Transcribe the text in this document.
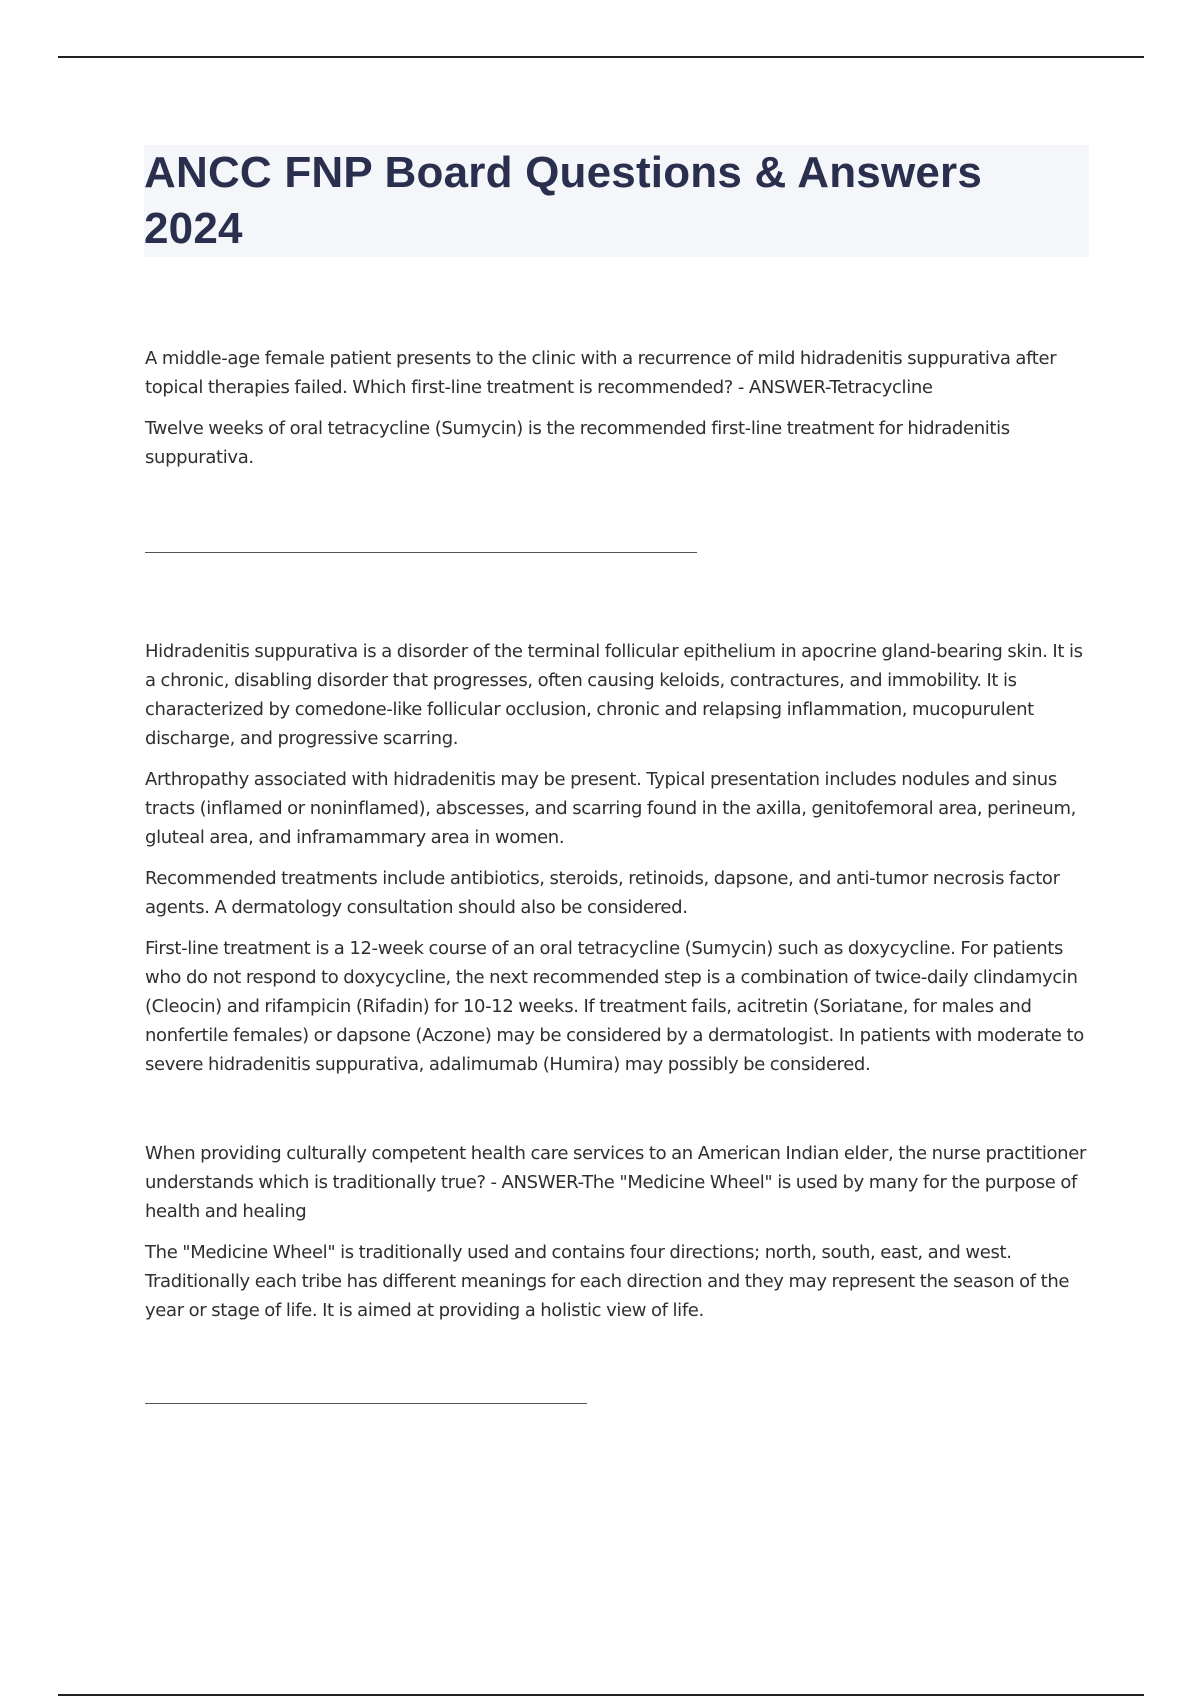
ANCC FNP Board Questions & Answers 2024

A middle-age female patient presents to the clinic with a recurrence of mild hidradenitis suppurativa after topical therapies failed. Which first-line treatment is recommended? - ANSWER-Tetracycline

Twelve weeks of oral tetracycline (Sumycin) is the recommended first-line treatment for hidradenitis suppurativa.

Hidradenitis suppurativa is a disorder of the terminal follicular epithelium in apocrine gland-bearing skin. It is a chronic, disabling disorder that progresses, often causing keloids, contractures, and immobility. It is characterized by comedone-like follicular occlusion, chronic and relapsing inflammation, mucopurulent discharge, and progressive scarring.

Arthropathy associated with hidradenitis may be present. Typical presentation includes nodules and sinus tracts (inflamed or noninflamed), abscesses, and scarring found in the axilla, genitofemoral area, perineum, gluteal area, and inframammary area in women.

Recommended treatments include antibiotics, steroids, retinoids, dapsone, and anti-tumor necrosis factor agents. A dermatology consultation should also be considered.

First-line treatment is a 12-week course of an oral tetracycline (Sumycin) such as doxycycline. For patients who do not respond to doxycycline, the next recommended step is a combination of twice-daily clindamycin (Cleocin) and rifampicin (Rifadin) for 10-12 weeks. If treatment fails, acitretin (Soriatane, for males and nonfertile females) or dapsone (Aczone) may be considered by a dermatologist. In patients with moderate to severe hidradenitis suppurativa, adalimumab (Humira) may possibly be considered.

When providing culturally competent health care services to an American Indian elder, the nurse practitioner understands which is traditionally true? - ANSWER-The "Medicine Wheel" is used by many for the purpose of health and healing

The "Medicine Wheel" is traditionally used and contains four directions; north, south, east, and west. Traditionally each tribe has different meanings for each direction and they may represent the season of the year or stage of life. It is aimed at providing a holistic view of life.
